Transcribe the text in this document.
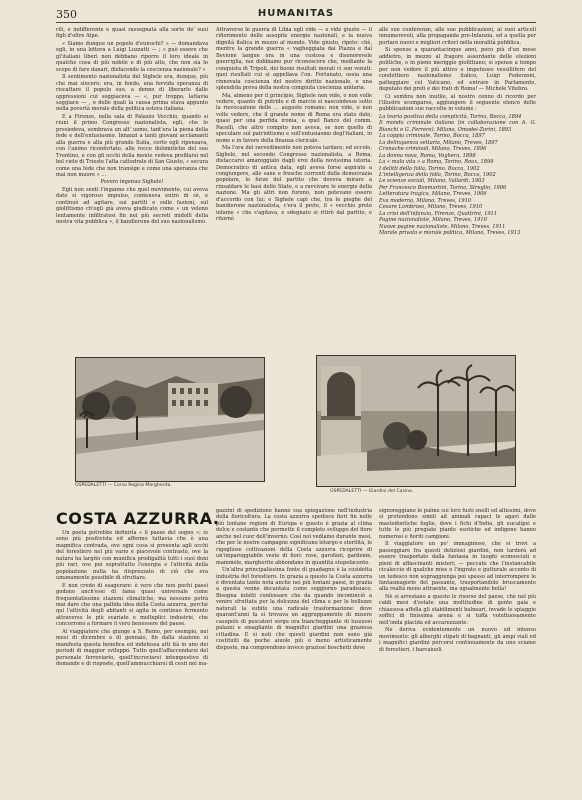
350	HUMANITAS

rili, e indifferente e quasi rassegnata alla sorte de' suoi figli d'oltre Alpe.

« Siamo dunque un popolo d'eunuchi? » — domandava egli, in una lettera a Luigi Luzzatti — ; « può essere che gl'italiani liberi non debbano riporre il loro ideale in qualche cosa di più nobile e di più alto, che non sia lo scopo di fare danari, disfacendo la coscienza nazionale? »

Il sentimento nazionalista del Sighele era, dunque, più che mai sincero; era, in fondo, una fervida speranza di riscattare il popolo suo, a denno di liberarlo dalle oppressioni cui soggiaceva — «, pur troppo, lattavia soggiace — , e delle quali la causa prima stava appunto nella povertà morale della politica estera italiana.

E a Firenze, nella sala di Palazzo Vecchio, quando si riunì il primo Congresso nazionalista, egli, che lo presiedeva, sembrava un alt' uomo, tant'era la piena della fede e dell'entusiasmo. Innanzi a tanti giovani acclamanti alla guerra e alla più grande Italia, certo egli ripensava, con l'animo riconfortato, alle rocce dolomitiche del suo Trentino, e con gli occhi della mente vedeva profilarsi nel bel cielo di Trieste l'alta cattedrale di San Giusto, « secura come una fede che non transige e come una speranza che mai non muore » ...

Povero ingenuo Sighele!

Egli non sentì l'inganno che quel movimento, cui aveva dato sì vigoroso impulso, conteneva entro di sè, e continuò ad agitare, sui partiti e sulle fazioni, sul giolittismo ch'egli già aveva giudicato come « un veleno lentamente infiltratosi fin nei più secreti midolli della nostra vita pubblica », il bandierone del suo nazionalismo.

Attraverso le guerra di Libia egli vide — e vide giusto — il rifiorimento delle assopite energie nazionali, e la nuova dignità italica in mezzo al mondo. Vide giusto, ripeto: chè, mentre la grande guerra « vagheggiata dai Piazza e dal Bevione langue ora in una costosa e disonorevole guerriglia, noi dobbiamo pur riconoscere che, mediante la conquista di Tripoli, dei buoni risultati morali ci son venuti: quei risultati cui si appellava l'on. Fortunato, ossia una rinnovata coscienza del nostro diritto nazionale, e una splendida prova della nostra compiuta coscienza unitaria.

Ma, almeno per il principio, Sighele non vide, o non volle vedere, quanto di putrido e di marcio si nascondesse sotto la rievocazione delle ... auguste romane; non vide, o non volle vedere, che il grande nome di Roma era stato dato, quasi per una perfida ironia, a quel Banco del comm. Pacelli, che altro compito non aveva, se non quello di speculare sul patriottismo e sull'entusiasmo degl'italiani, in nome e in favore della finanza clericale.

Ma l'ora del ravvedimento non poteva tardare; ed eccolo, Sighele, nel secondo Congresso nazionalista, a Roma, distaccarsi amareggiato dagli eroi della novissima istoria. Democratico di antica data, egli aveva forse aspirato a congiungere, alle sane e fresche correnti della democrazia popolare, le forze del partito che doveva mirare a rinsaldare le basi dello Stato, e a ravvivare le energie della nazione. Ma gli altri non furono, non potevano essere d'accordo con lui; e Sighele capì che, tra le pieghe del bandierone nazionalista, c'era il prete, il « vecchio prete infame » che s'agitava, e sdegnato si ritirò dal partito, e ritornò

alle sue conferenze, alle sue pubblicazioni, ai suoi articoli innumerevoli, alla propaganda pro-Infanzia, ed a quella per portare nuovi e migliori criteri nella moralità pubblica.

Si spense a quarantacinque anni, poco più d'un mese addietro, in mezzo al fragore assordante delle elezioni politiche, e in pieno meriggio giolittiano; si spense a tempo per non vedere il più attivo e impetuoso vessillifero del condottiero nazionalismo italico, Luigi Federzoni, patteggiare col Vaticano, ed entrare in Parlamento, deputato dei preti e dei frati di Roma! — Michele Vitebro.

Ci sembra non inutile, al nostro cenno di ricordo per l'illustre scomparso, aggiungere il seguente elenco delle pubblicazioni sue raccolte in volume :

La teoria positiva della complicità, Torino, Bocca, 1894
Il mondo criminale italiano (in collaborazione con A. G. Bianchi e G. Ferrero), Milano, Omodei-Zorini, 1893
La coppia criminale, Torino, Bocca, 1897
La delinquenza settaria, Milano, Treves, 1897
Cronache criminali, Milano, Treves, 1896
La donna nova, Roma, Voghera, 1898
La « mala vita » a Roma, Torino, Roux, 1899
I delitti della folla, Torino, Bocca, 1902
L'intelligenza della folla, Torino, Bocca, 1902
Le scienze sociali, Milano, Vallardi, 1903
Per Francesco Bonmartini, Torino, Streglio, 1906
Letteratura tragica, Milano, Treves, 1906
Eva moderna, Milano, Treves, 1910
Cesare Lombroso, Milano, Treves, 1910
La crisi dell'infanzia, Firenze, Quattrini, 1911
Pagine nazionaliste, Milano, Treves, 1910
Nuove pagine nazionaliste, Milano, Treves, 1911
Morale privata e morale politica, Milano, Treves, 1913
OSPEDALETTI — Corso Regina Margherita.
OSPEDALETTI — Giardini del Casino.
COSTA AZZURRA.

Un poeta potrebbe definirla « il paese del sogno »; io sono più positivista ed affermo tuttavia che è una magnifica contrada, ove ogni cosa si presenta agli occhi del forestiero nel più vario e piacevole contrasto, ove la natura ha largito con munifica prodigalità tutti i suoi doni più rari, ove poi soprattutto l'energia e l'attività della popolazione nulla ha disprezzato di ciò che era umanamente possibile di sfruttare.

E non credo di esagerare: è vero che non pochi paesi godono anch'essi di fama quasi universale come frequentatissime stazioni climatiche, ma nessuno potrà mai dare che una pallida idea della Costa azzurra, perchè qui l'attività degli abitanti si agita in continuo fermento attraverso le più svariate e molteplici industrie, che concorrono a formare il vero benessere del paese.

Al viaggiatore che giunge a S. Remo, per esempio, nei mesi di dicembre e di gennaio, fin dalla stazione si manifesta questa benefica ed indefessa atti ità in uno dei periodi di maggior sviluppo. Tutto quell'affaccendarsi del personale ferroviario, quell'incrociarsi intempestivo di domande e di risposte, quell'ammucchiarsi di cesti nei ma-

gazzini di spedizione hanno sua spiegazione nell'industria della floricoltura. La costa azzurra spedisce fiori fin nelle più lontane regioni di Europa e questo è grazia al clima dolce e costante che permette il completo sviluppo dei fiore anche nel cuor dell'inverno. Così noi vediamo durante mesi, che per le nostre campagne significano letargo e sterilità, le rigogliose coltivazioni della Costa azzurra ricoprire di un'impareggiabile veste di fiori: rose, garofani, gardenie, mammole, margherite abbondano in quantità stupefacente.

Un'altra principalissima fonte di guadagno è la cosidetta industria del forestiero. In grazia a questo la Costa azzurra è diventata tanto nota anche nei più lontani paesi, in grazia a questa venne decantata come soggiorno paradisiaco. Bisogna infatti confessare che da quando incominciò a venire sfruttata per la dolcezza del clima e per le bellezze naturali la subito una radicale trasformazione: dove quarant'anni fa si trovava un aggruppamento di misere casupole di pescatori sorge ora biancheggiante di lussuosi palazzi e smagliante di magnifici giardini una graziosa cittadina. E si noti che questi giardini non sono già costituiti da poche aiuole più o meno artisticamente disposte, ma comprendono invece graziosi boschetti dove

signoreggiano le palme sui loro fusti snelli ed altissimi, dove si protendono simili ad animali rapaci le agavi dalle mastodontiche foglie, dove i fichi d'India, gli eucalipsi e tutte le più pregiate piante esotiche ed indigene hanno numerosi e fioriti campioni.

Il viaggiatore un po' immaginoso, che si trovi a passeggiare fra questi deliziosi giardini, non tarderà ad essere trasportato dalla fantasia in luoghi sconosciuti e pieni di affascinanti misteri; — peccato che l'instancabile cicaleccio di qualche miss o l'ingrato e gutturale accento di un tedesco non sopraggiunga poi spesso ad interrompere le fantasmagorie del passante, trasportandolo bruscamente alla realtà meno attraente, ma ugualmente bella!

Nè si arrestano a questo le risorse del paese, chè nel più caldi mesi d'estate una moltitudine di gente gaia e chiassosa affolla gli stabilimenti balneari, invade le spiaggie soffici di finissima arena e si tuffa voluttuosamente nell'onda placida ed accarezzante.

Ne deriva evidentemente un nuovo ed intenso movimento: gli alberghi stipati di bagnanti, gli ampi viali ed i magnifici giardini percorsi continuamente da uno sciame di forestieri, i barcaiuoli
